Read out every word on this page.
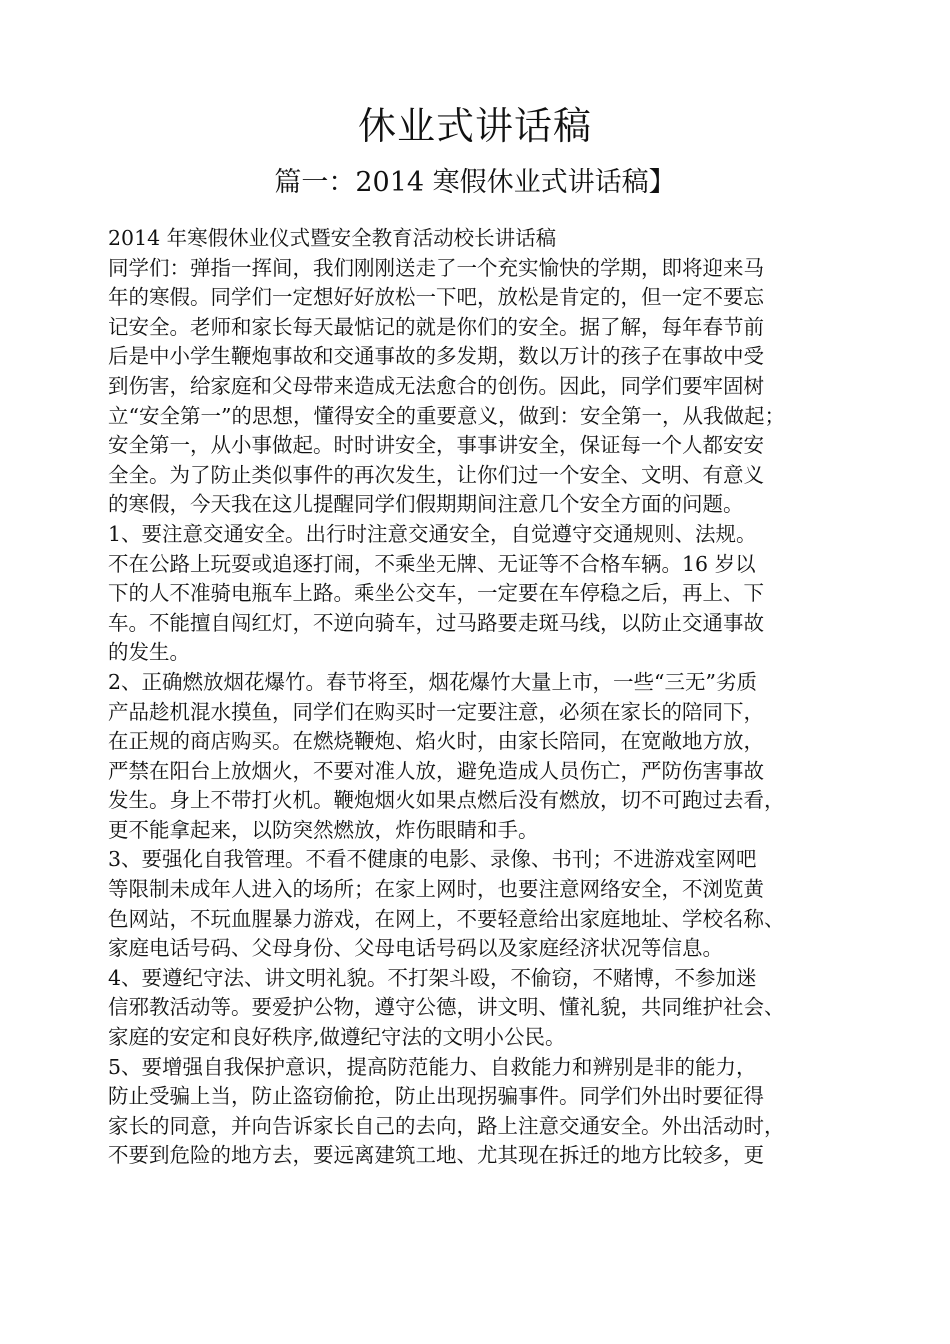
休业式讲话稿
篇一：2014 寒假休业式讲话稿】
2014 年寒假休业仪式暨安全教育活动校长讲话稿
同学们：弹指一挥间，我们刚刚送走了一个充实愉快的学期，即将迎来马
年的寒假。同学们一定想好好放松一下吧，放松是肯定的，但一定不要忘
记安全。老师和家长每天最惦记的就是你们的安全。据了解，每年春节前
后是中小学生鞭炮事故和交通事故的多发期，数以万计的孩子在事故中受
到伤害，给家庭和父母带来造成无法愈合的创伤。因此，同学们要牢固树
立“安全第一”的思想，懂得安全的重要意义，做到：安全第一，从我做起；
安全第一，从小事做起。时时讲安全，事事讲安全，保证每一个人都安安
全全。为了防止类似事件的再次发生，让你们过一个安全、文明、有意义
的寒假，今天我在这儿提醒同学们假期期间注意几个安全方面的问题。
1、要注意交通安全。出行时注意交通安全，自觉遵守交通规则、法规。
不在公路上玩耍或追逐打闹，不乘坐无牌、无证等不合格车辆。16 岁以
下的人不准骑电瓶车上路。乘坐公交车，一定要在车停稳之后，再上、下
车。不能擅自闯红灯，不逆向骑车，过马路要走斑马线，以防止交通事故
的发生。
2、正确燃放烟花爆竹。春节将至，烟花爆竹大量上市，一些“三无”劣质
产品趁机混水摸鱼，同学们在购买时一定要注意，必须在家长的陪同下，
在正规的商店购买。在燃烧鞭炮、焰火时，由家长陪同，在宽敞地方放，
严禁在阳台上放烟火，不要对准人放，避免造成人员伤亡，严防伤害事故
发生。身上不带打火机。鞭炮烟火如果点燃后没有燃放，切不可跑过去看，
更不能拿起来，以防突然燃放，炸伤眼睛和手。
3、要强化自我管理。不看不健康的电影、录像、书刊；不进游戏室网吧
等限制未成年人进入的场所；在家上网时，也要注意网络安全，不浏览黄
色网站，不玩血腥暴力游戏，在网上，不要轻意给出家庭地址、学校名称、
家庭电话号码、父母身份、父母电话号码以及家庭经济状况等信息。
4、要遵纪守法、讲文明礼貌。不打架斗殴，不偷窃，不赌博，不参加迷
信邪教活动等。要爱护公物，遵守公德，讲文明、懂礼貌，共同维护社会、
家庭的安定和良好秩序,做遵纪守法的文明小公民。
5、要增强自我保护意识，提高防范能力、自救能力和辨别是非的能力，
防止受骗上当，防止盗窃偷抢，防止出现拐骗事件。同学们外出时要征得
家长的同意，并向告诉家长自己的去向，路上注意交通安全。外出活动时，
不要到危险的地方去，要远离建筑工地、尤其现在拆迁的地方比较多，更
